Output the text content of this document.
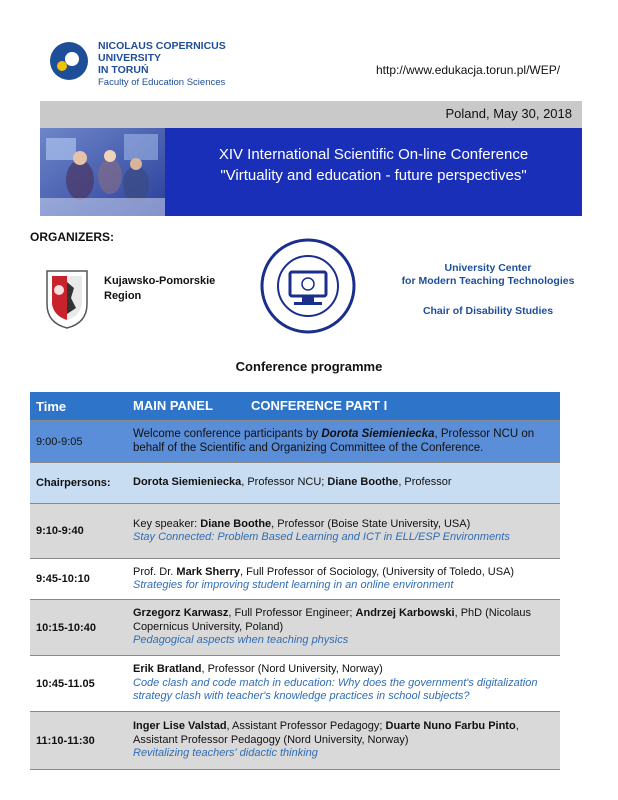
NICOLAUS COPERNICUS
UNIVERSITY
IN TORUŃ
Faculty of Education Sciences
http://www.edukacja.torun.pl/WEP/
Poland, May 30, 2018
XIV International Scientific On-line Conference
"Virtuality and education - future perspectives"
ORGANIZERS:
Kujawsko-Pomorskie
Region
University Center
for Modern Teaching Technologies
Chair of Disability Studies
Conference programme
Time	MAIN PANEL CONFERENCE PART I
9:00-9:05	Welcome conference participants by Dorota Siemieniecka, Professor NCU on behalf of the Scientific and Organizing Committee of the Conference.
Chairpersons:	Dorota Siemieniecka, Professor NCU; Diane Boothe, Professor
9:10-9:40	Key speaker: Diane Boothe, Professor (Boise State University, USA)
Stay Connected: Problem Based Learning and ICT in ELL/ESP Environments

9:45-10:10	Prof. Dr. Mark Sherry, Full Professor of Sociology, (University of Toledo, USA)
Strategies for improving student learning in an online environment

10:15-10:40	Grzegorz Karwasz, Full Professor Engineer; Andrzej Karbowski, PhD (Nicolaus Copernicus University, Poland)
Pedagogical aspects when teaching physics

10:45-11.05	Erik Bratland, Professor (Nord University, Norway)
Code clash and code match in education: Why does the government's digitalization strategy clash with teacher's knowledge practices in school subjects?

11:10-11:30	Inger Lise Valstad, Assistant Professor Pedagogy; Duarte Nuno Farbu Pinto, Assistant Professor Pedagogy (Nord University, Norway)
Revitalizing teachers' didactic thinking
